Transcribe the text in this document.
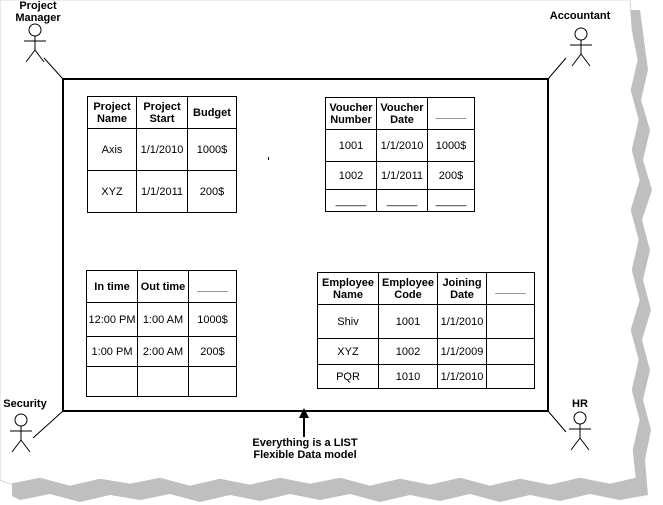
Project Manager	Accountant
Security	HR
Project Name	Project Start	Budget
Axis	1/1/2010	1000$
XYZ	1/1/2011	200$
Voucher Number	Voucher Date	_____
1001	1/1/2010	1000$
1002	1/1/2011	200$
_____	_____	_____
In time	Out time	_____
12:00 PM	1:00 AM	1000$
1:00 PM	2:00 AM	200$

Employee Name	Employee Code	Joining Date	_____
Shiv	1001	1/1/2010	
XYZ	1002	1/1/2009	
PQR	1010	1/1/2010	
Everything is a LIST
Flexible Data model
